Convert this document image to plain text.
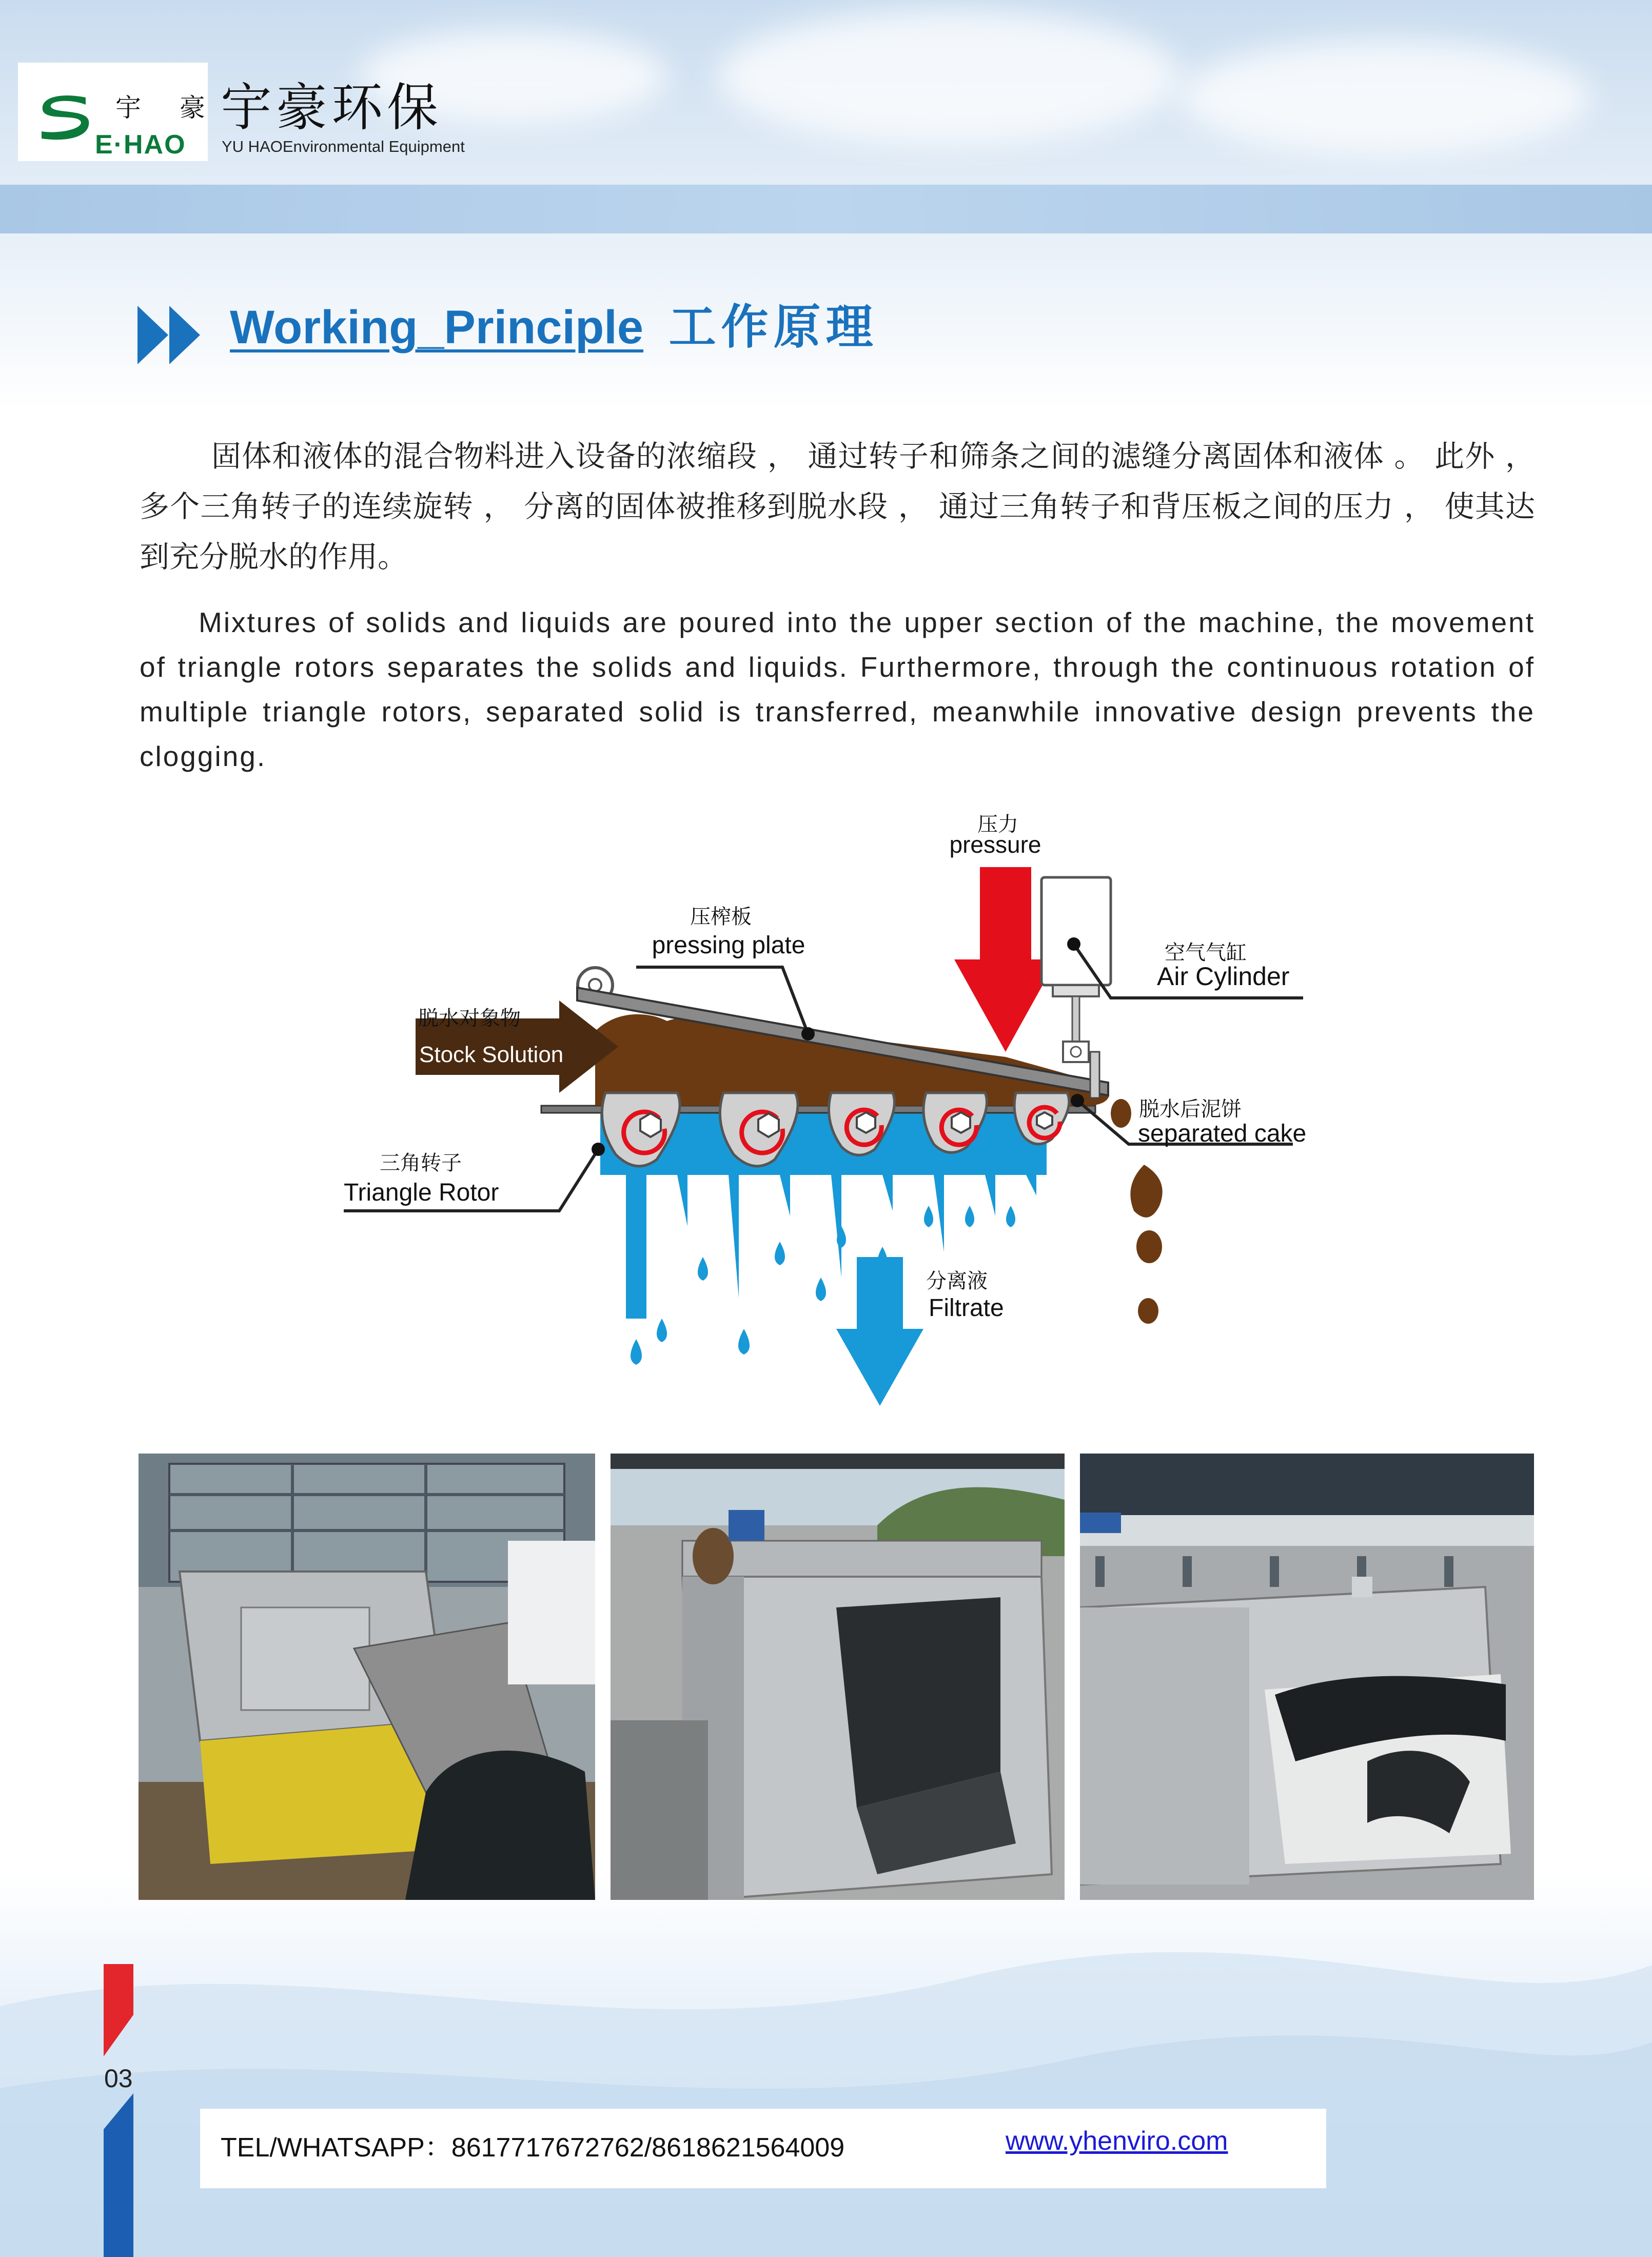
宇 豪
E·HAO
宇豪环保
YU HAOEnvironmental Equipment
Working_Principle 工作原理

固体和液体的混合物料进入设备的浓缩段 ， 通过转子和筛条之间的滤缝分离固体和液体 。 此外 ， 多个三角转子的连续旋转 ， 分离的固体被推移到脱水段 ， 通过三角转子和背压板之间的压力 ， 使其达到充分脱水的作用。

Mixtures of solids and liquids are poured into the upper section of the machine, the movement of triangle rotors separates the solids and liquids. Furthermore, through the continuous rotation of multiple triangle rotors, separated solid is transferred, meanwhile innovative design prevents the clogging.

压力
pressure
压榨板
pressing plate	空气气缸
Air Cylinder
脱水对象物
Stock Solution
脱水后泥饼
separated cake
三角转子
Triangle Rotor
分离液
Filtrate
03
TEL/WHATSAPP：8617717672762/8618621564009	www.yhenviro.com
